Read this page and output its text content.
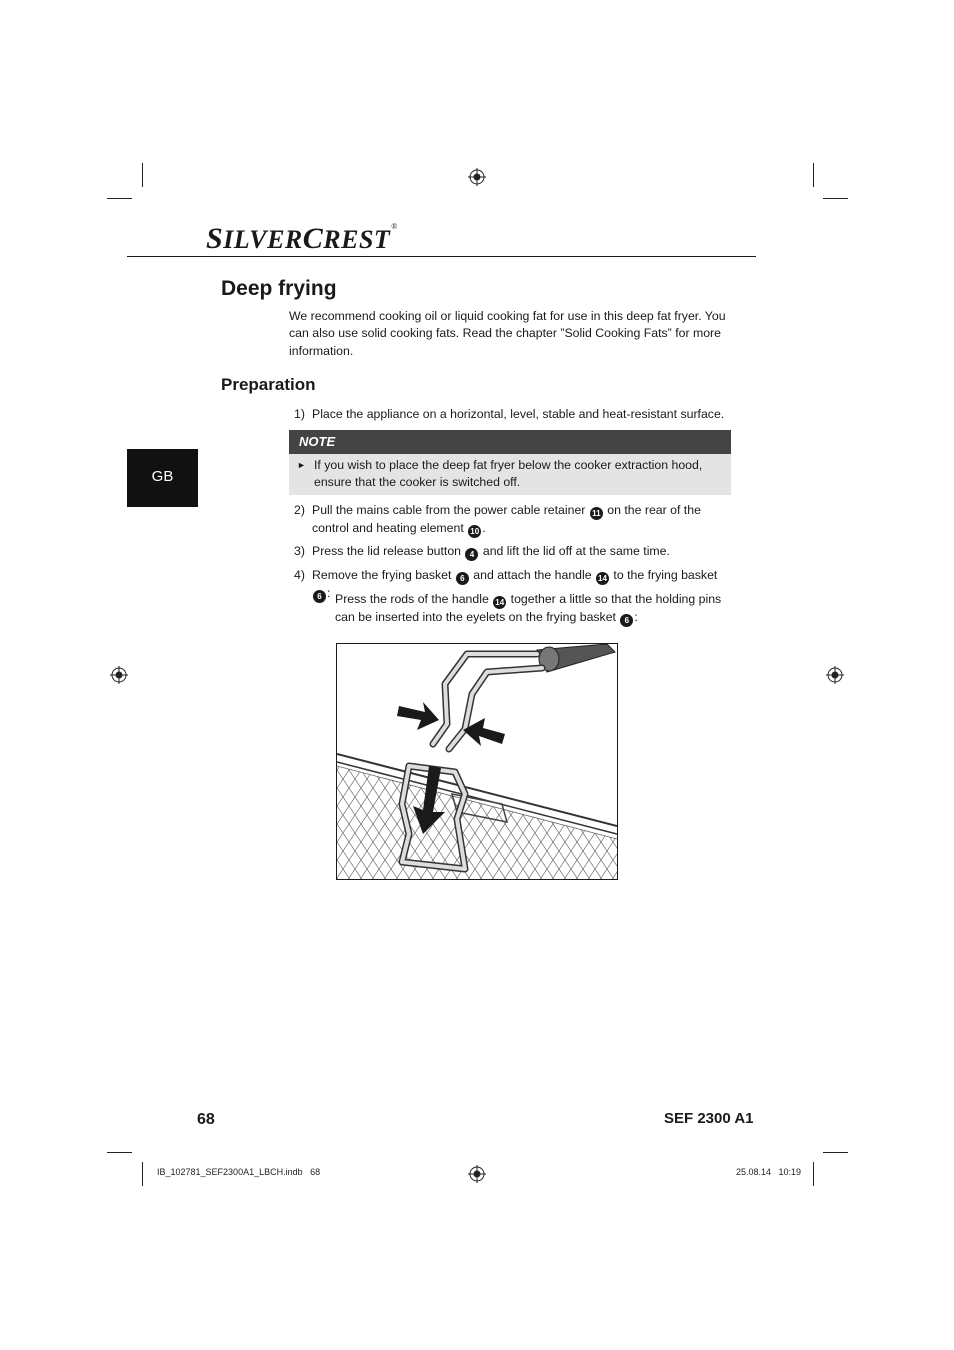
SILVERCREST®
Deep frying
We recommend cooking oil or liquid cooking fat for use in this deep fat fryer. You can also use solid cooking fats. Read the chapter ”Solid Cooking Fats” for more information.
Preparation
1) Place the appliance on a horizontal, level, stable and heat-resistant surface.
NOTE
► If you wish to place the deep fat fryer below the cooker extraction hood, ensure that the cooker is switched off.
GB
2) Pull the mains cable from the power cable retainer 11 on the rear of the control and heating element 10 .
3) Press the lid release button 4 and lift the lid off at the same time.
4) Remove the frying basket 6 and attach the handle 14 to the frying basket 6 : Press the rods of the handle 14 together a little so that the holding pins can be inserted into the eyelets on the frying basket 6 :
68	SEF 2300 A1
IB_102781_SEF2300A1_LBCH.indb   68	25.08.14   10:19
